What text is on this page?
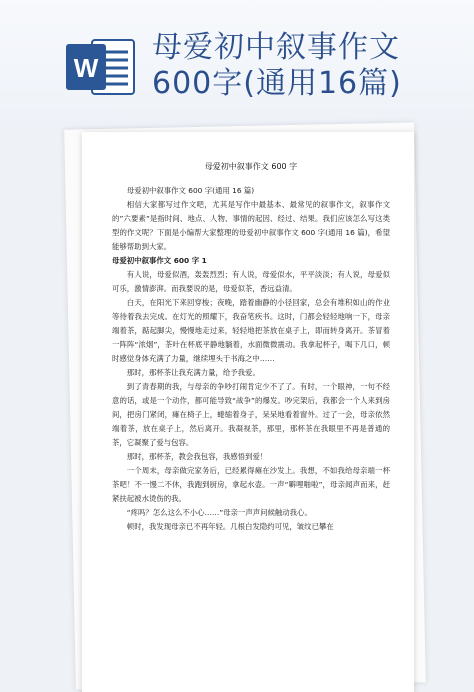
W
母爱初中叙事作文
600字(通用16篇)
母爱初中叙事作文 600 字

母爱初中叙事作文 600 字(通用 16 篇)

相信大家都写过作文吧，尤其是写作中最基本、最常见的叙事作文，叙事作文的”六要素”是指时间、地点、人物、事情的起因、经过、结果。我们应该怎么写这类型的作文呢？下面是小编帮大家整理的母爱初中叙事作文 600 字(通用 16 篇)，希望能够帮助到大家。

母爱初中叙事作文 600 字 1

有人说，母爱似酒，轰轰烈烈；有人说，母爱似水，平平淡淡；有人说，母爱似可乐，激情澎湃。而我要说的是，母爱似茶，香远益清。

白天，在阳光下来回穿梭；夜晚，踏着幽静的小径回家，总会有堆积如山的作业等待着我去完成。在灯光的照耀下，我奋笔疾书。这时，门都会轻轻地响一下，母亲端着茶，踮起脚尖，慢慢地走过来，轻轻地把茶放在桌子上，即而转身离开。茶冒着一阵阵“浓烟”，茶叶在杯底平静地躺着，水面微微震动。我拿起杯子，喝下几口，顿时感觉身体充满了力量，继续埋头于书海之中……

那时，那杯茶让我充满力量，给予我爱。

到了青春期的我，与母亲的争吵打闹肯定少不了了。有时，一个眼神，一句不经意的话，或是一个动作，都可能导致“战争”的爆发。吵完架后，我都会一个人来到房间，把房门紧闭，瘫在椅子上，蜷缩着身子，呆呆地看着窗外。过了一会，母亲依然端着茶，放在桌子上，然后离开。我凝视茶，那里，那杯茶在我眼里不再是普通的茶，它凝聚了爱与包容。

那时，那杯茶，教会我包容，我感悟到爱！

一个周末，母亲做完家务后，已经累得瘫在沙发上。我想，不如我给母亲端一杯茶吧！不一馒二不休，我跑到厨房，拿起水壶。一声“噼哩啪啦”，母亲闻声而来，赶紧扶起被水烫伤的我。

“疼吗？怎么这么不小心……”母亲一声声问候触动我心。

顿时，我发现母亲已不再年轻。几根白发隐约可见，皱纹已攀在
